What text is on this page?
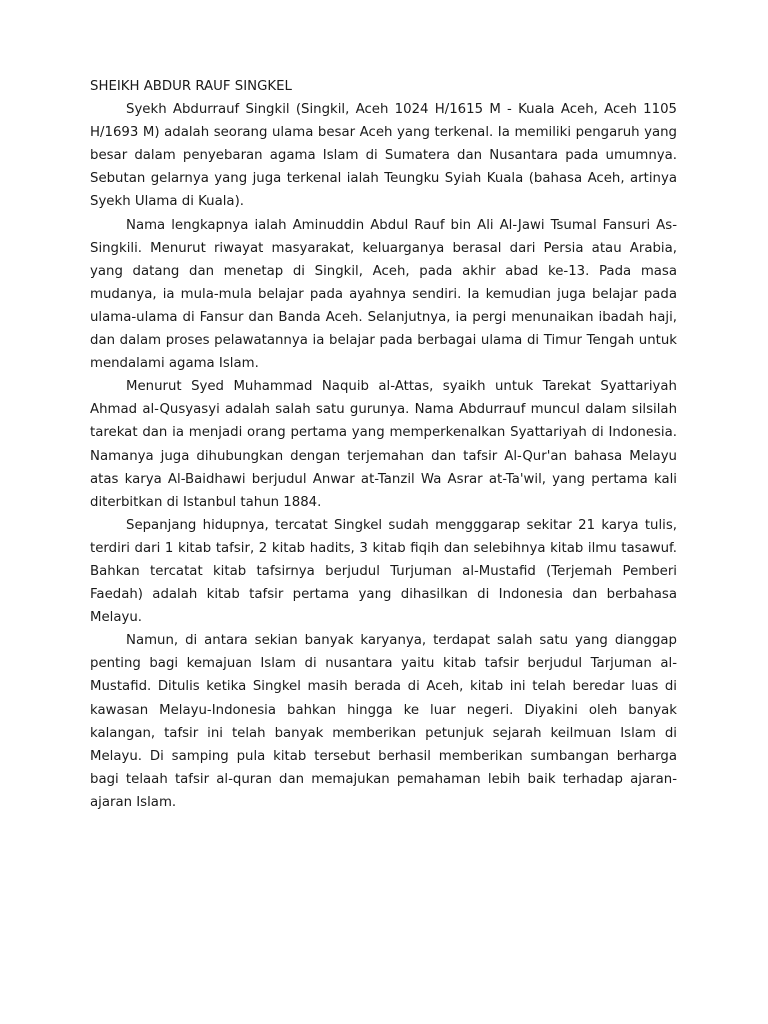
SHEIKH ABDUR RAUF SINGKEL

Syekh Abdurrauf Singkil (Singkil, Aceh 1024 H/1615 M - Kuala Aceh, Aceh 1105 H/1693 M) adalah seorang ulama besar Aceh yang terkenal. Ia memiliki pengaruh yang besar dalam penyebaran agama Islam di Sumatera dan Nusantara pada umumnya. Sebutan gelarnya yang juga terkenal ialah Teungku Syiah Kuala (bahasa Aceh, artinya Syekh Ulama di Kuala).

Nama lengkapnya ialah Aminuddin Abdul Rauf bin Ali Al-Jawi Tsumal Fansuri As-Singkili. Menurut riwayat masyarakat, keluarganya berasal dari Persia atau Arabia, yang datang dan menetap di Singkil, Aceh, pada akhir abad ke-13. Pada masa mudanya, ia mula-mula belajar pada ayahnya sendiri. Ia kemudian juga belajar pada ulama-ulama di Fansur dan Banda Aceh. Selanjutnya, ia pergi menunaikan ibadah haji, dan dalam proses pelawatannya ia belajar pada berbagai ulama di Timur Tengah untuk mendalami agama Islam.

Menurut Syed Muhammad Naquib al-Attas, syaikh untuk Tarekat Syattariyah Ahmad al-Qusyasyi adalah salah satu gurunya. Nama Abdurrauf muncul dalam silsilah tarekat dan ia menjadi orang pertama yang memperkenalkan Syattariyah di Indonesia. Namanya juga dihubungkan dengan terjemahan dan tafsir Al-Qur'an bahasa Melayu atas karya Al-Baidhawi berjudul Anwar at-Tanzil Wa Asrar at-Ta'wil, yang pertama kali diterbitkan di Istanbul tahun 1884.

Sepanjang hidupnya, tercatat Singkel sudah mengggarap sekitar 21 karya tulis, terdiri dari 1 kitab tafsir, 2 kitab hadits, 3 kitab fiqih dan selebihnya kitab ilmu tasawuf. Bahkan tercatat kitab tafsirnya berjudul Turjuman al-Mustafid (Terjemah Pemberi Faedah) adalah kitab tafsir pertama yang dihasilkan di Indonesia dan berbahasa Melayu.

Namun, di antara sekian banyak karyanya, terdapat salah satu yang dianggap penting bagi kemajuan Islam di nusantara yaitu kitab tafsir berjudul Tarjuman al-Mustafid. Ditulis ketika Singkel masih berada di Aceh, kitab ini telah beredar luas di kawasan Melayu-Indonesia bahkan hingga ke luar negeri. Diyakini oleh banyak kalangan, tafsir ini telah banyak memberikan petunjuk sejarah keilmuan Islam di Melayu. Di samping pula kitab tersebut berhasil memberikan sumbangan berharga bagi telaah tafsir al-quran dan memajukan pemahaman lebih baik terhadap ajaran-ajaran Islam.
